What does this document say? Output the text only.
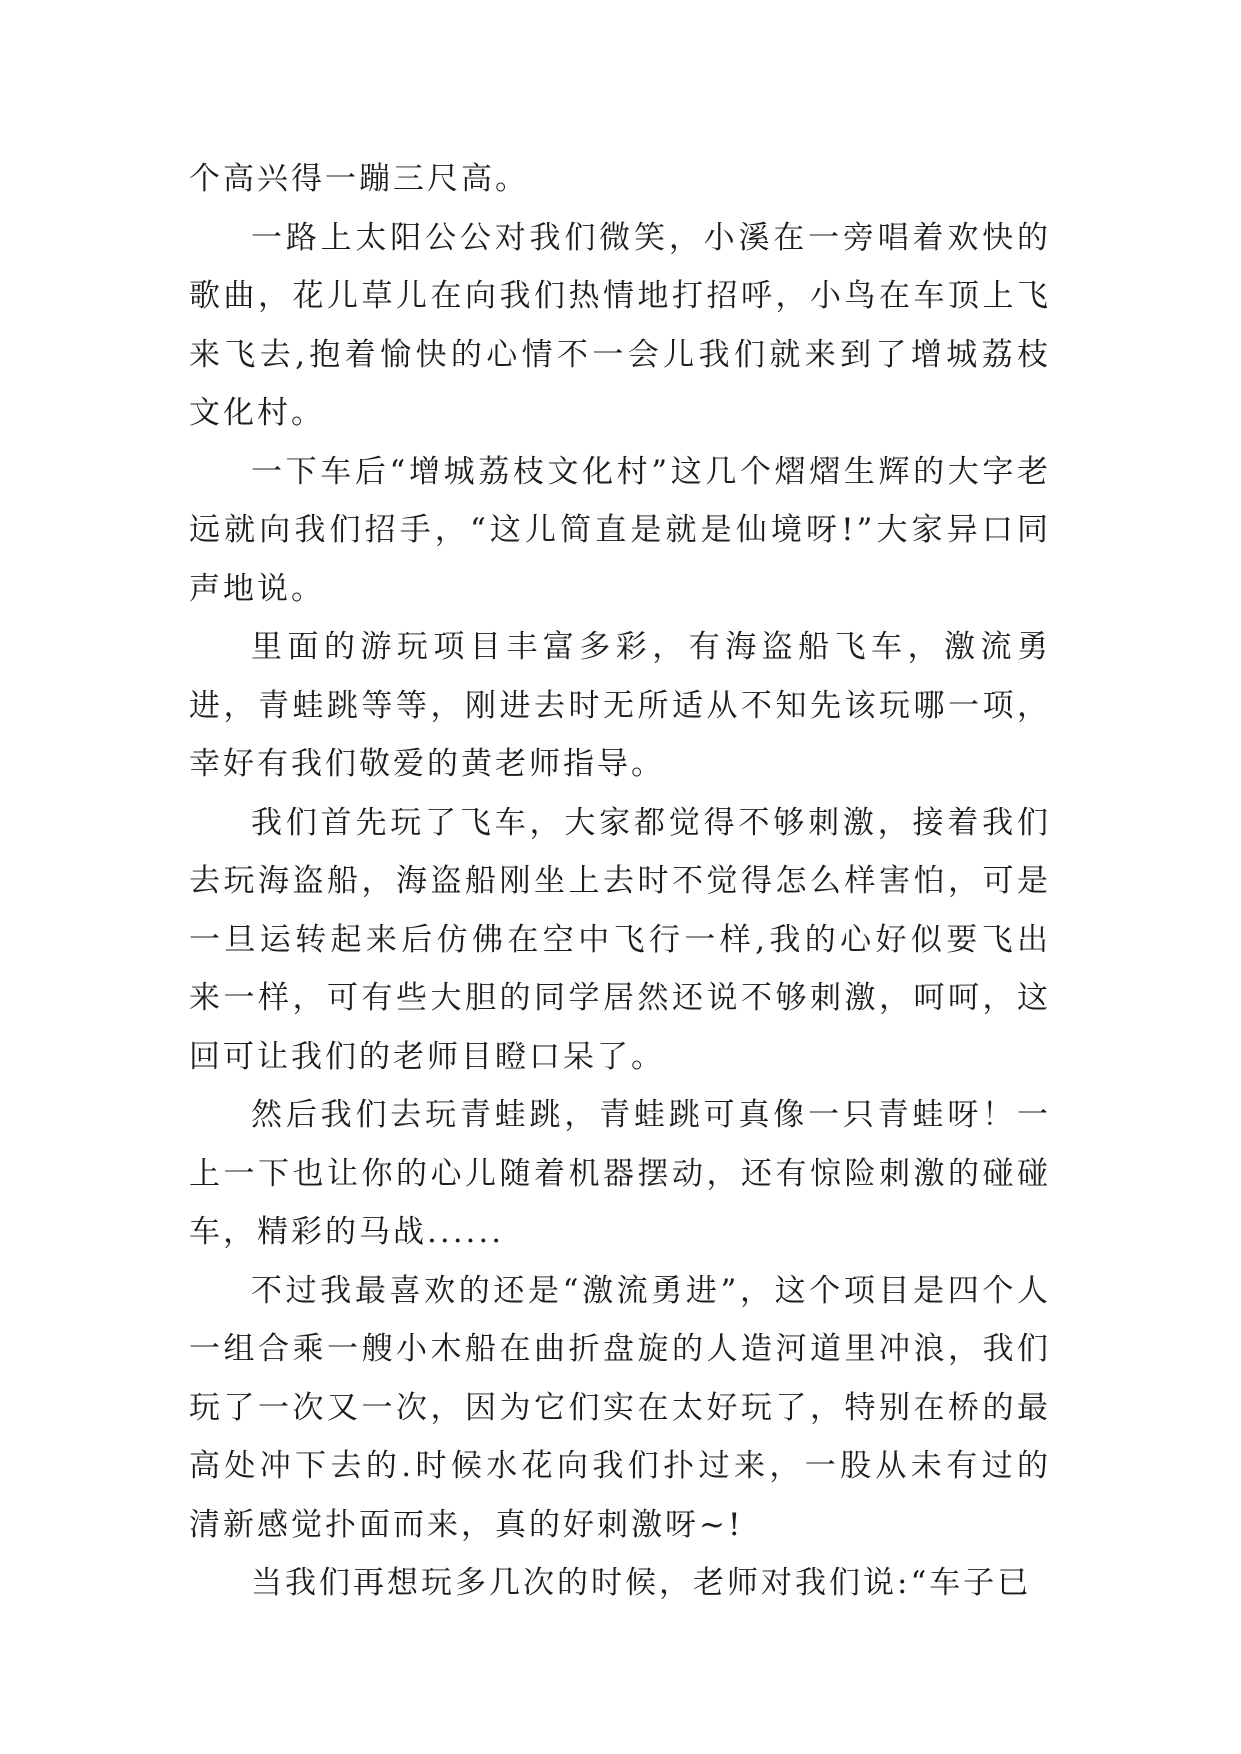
个高兴得一蹦三尺高。

一路上太阳公公对我们微笑，小溪在一旁唱着欢快的歌曲，花儿草儿在向我们热情地打招呼，小鸟在车顶上飞来飞去,抱着愉快的心情不一会儿我们就来到了增城荔枝文化村。

一下车后“增城荔枝文化村”这几个熠熠生辉的大字老远就向我们招手，“这儿简直是就是仙境呀!”大家异口同声地说。

里面的游玩项目丰富多彩，有海盗船飞车，激流勇进，青蛙跳等等，刚进去时无所适从不知先该玩哪一项，幸好有我们敬爱的黄老师指导。

我们首先玩了飞车，大家都觉得不够刺激，接着我们去玩海盗船，海盗船刚坐上去时不觉得怎么样害怕，可是一旦运转起来后仿佛在空中飞行一样,我的心好似要飞出来一样，可有些大胆的同学居然还说不够刺激，呵呵，这回可让我们的老师目瞪口呆了。

然后我们去玩青蛙跳，青蛙跳可真像一只青蛙呀！一上一下也让你的心儿随着机器摆动，还有惊险刺激的碰碰车，精彩的马战......

不过我最喜欢的还是“激流勇进”，这个项目是四个人一组合乘一艘小木船在曲折盘旋的人造河道里冲浪，我们玩了一次又一次，因为它们实在太好玩了，特别在桥的最高处冲下去的.时候水花向我们扑过来，一股从未有过的清新感觉扑面而来，真的好刺激呀~!

当我们再想玩多几次的时候，老师对我们说:“车子已
